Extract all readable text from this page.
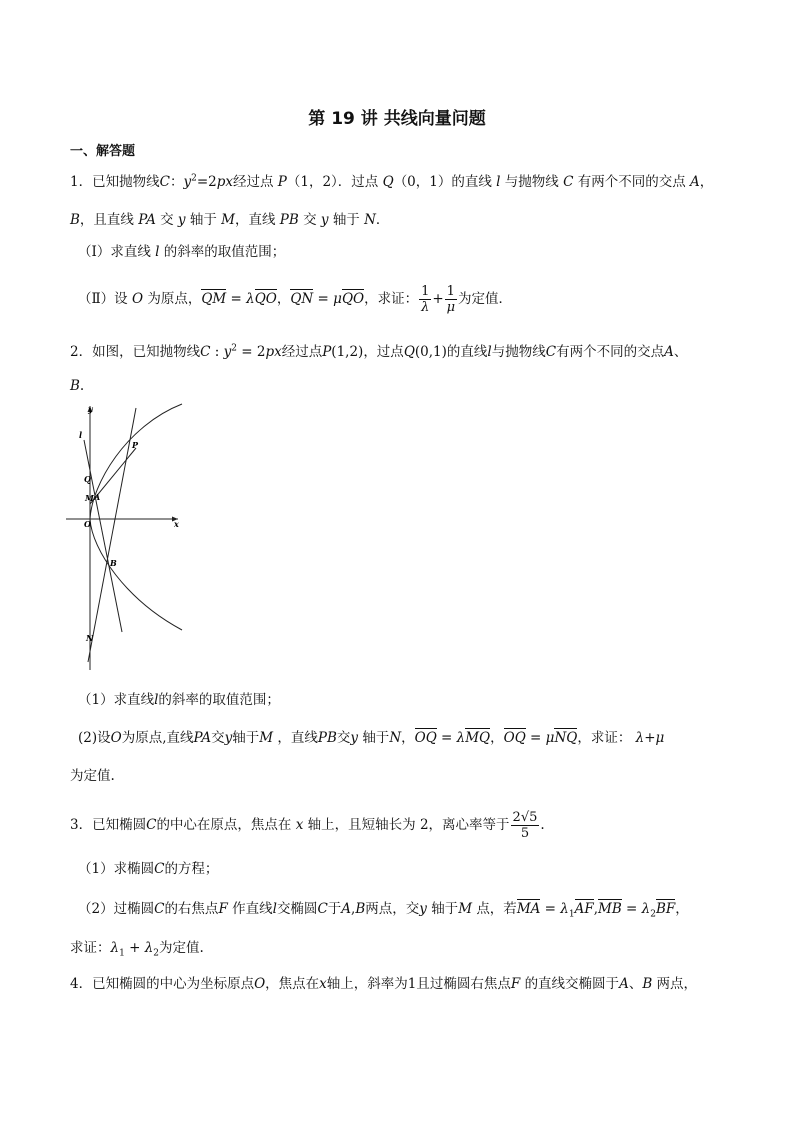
第 19 讲 共线向量问题
一、解答题
1．已知抛物线C：$y^2=2px$经过点 P（1，2）．过点 Q（0，1）的直线 l 与抛物线 C 有两个不同的交点 A，
B，且直线 PA 交 y 轴于 M，直线 PB 交 y 轴于 N．
（Ⅰ）求直线 l 的斜率的取值范围；
（Ⅱ）设 O 为原点，QM = λQO，QN = μQO，求证： $\frac{1}{\lambda} + \frac{1}{\mu}$ 为定值．
2．如图，已知抛物线C : $y^2 = 2px$经过点P(1,2)，过点Q(0,1)的直线l与抛物线C有两个不同的交点A、
B.
y
l
Q
M A
O	x
P
B
N
（1）求直线l的斜率的取值范围；
(2)设O为原点,直线PA交y轴于M ，直线PB交y 轴于N，OQ = λMQ，OQ = μNQ，求证： λ+μ
为定值.
3．已知椭圆C的中心在原点，焦点在 x 轴上，且短轴长为 2，离心率等于 $\frac{2√5}{5}$ .
（1）求椭圆C的方程；
（2）过椭圆C的右焦点F 作直线l交椭圆C于A,B两点，交y 轴于M 点，若MA = $\lambda_1AF,MB = \lambda_2BF$，
求证：$\lambda_1 + \lambda_2$为定值.
4．已知椭圆的中心为坐标原点O，焦点在x轴上，斜率为1且过椭圆右焦点F 的直线交椭圆于A、B 两点，
